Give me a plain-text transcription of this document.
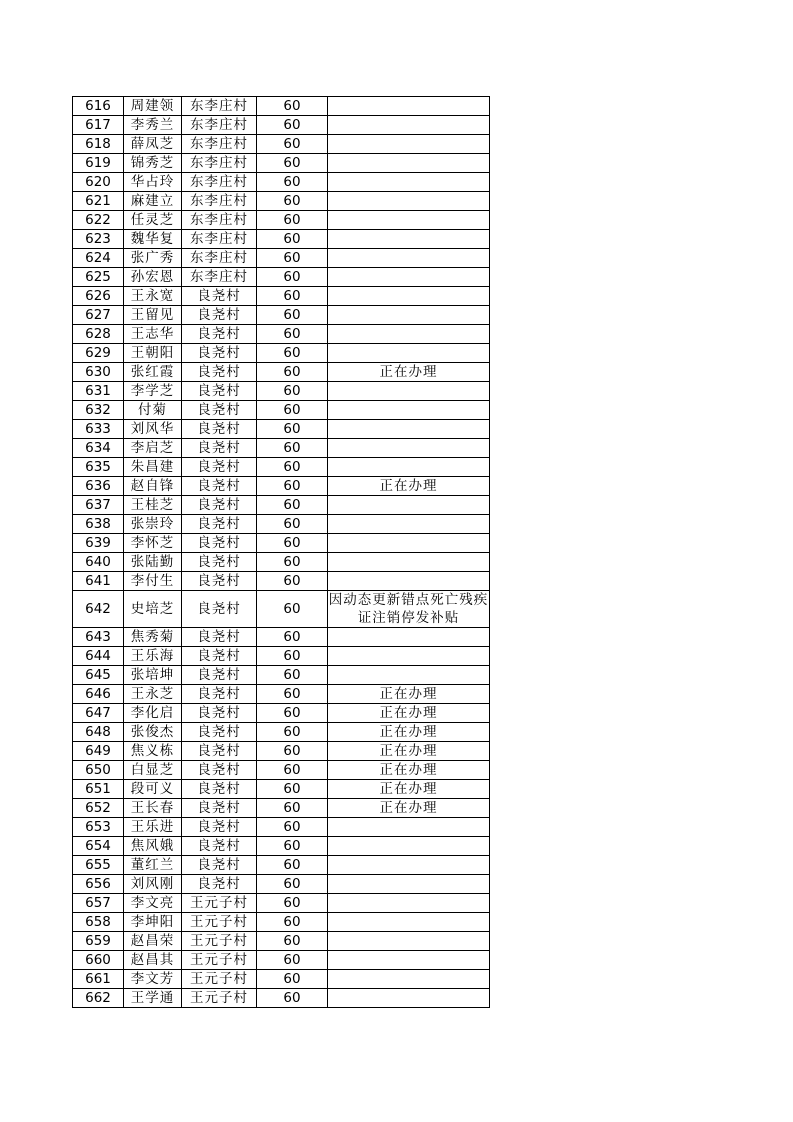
616	周建领	东李庄村	60	
617	李秀兰	东李庄村	60	
618	薛凤芝	东李庄村	60	
619	锦秀芝	东李庄村	60	
620	华占玲	东李庄村	60	
621	麻建立	东李庄村	60	
622	任灵芝	东李庄村	60	
623	魏华复	东李庄村	60	
624	张广秀	东李庄村	60	
625	孙宏恩	东李庄村	60	
626	王永宽	良尧村	60	
627	王留见	良尧村	60	
628	王志华	良尧村	60	
629	王朝阳	良尧村	60	
630	张红霞	良尧村	60	正在办理
631	李学芝	良尧村	60	
632	付菊	良尧村	60	
633	刘风华	良尧村	60	
634	李启芝	良尧村	60	
635	朱昌建	良尧村	60	
636	赵自锋	良尧村	60	正在办理
637	王桂芝	良尧村	60	
638	张崇玲	良尧村	60	
639	李怀芝	良尧村	60	
640	张陆勤	良尧村	60	
641	李付生	良尧村	60	
642	史培芝	良尧村	60	因动态更新错点死亡残疾证注销停发补贴
643	焦秀菊	良尧村	60	
644	王乐海	良尧村	60	
645	张培坤	良尧村	60	
646	王永芝	良尧村	60	正在办理
647	李化启	良尧村	60	正在办理
648	张俊杰	良尧村	60	正在办理
649	焦义栋	良尧村	60	正在办理
650	白显芝	良尧村	60	正在办理
651	段可义	良尧村	60	正在办理
652	王长春	良尧村	60	正在办理
653	王乐进	良尧村	60	
654	焦风娥	良尧村	60	
655	董红兰	良尧村	60	
656	刘风刚	良尧村	60	
657	李文亮	王元子村	60	
658	李坤阳	王元子村	60	
659	赵昌荣	王元子村	60	
660	赵昌其	王元子村	60	
661	李文芳	王元子村	60	
662	王学通	王元子村	60	
